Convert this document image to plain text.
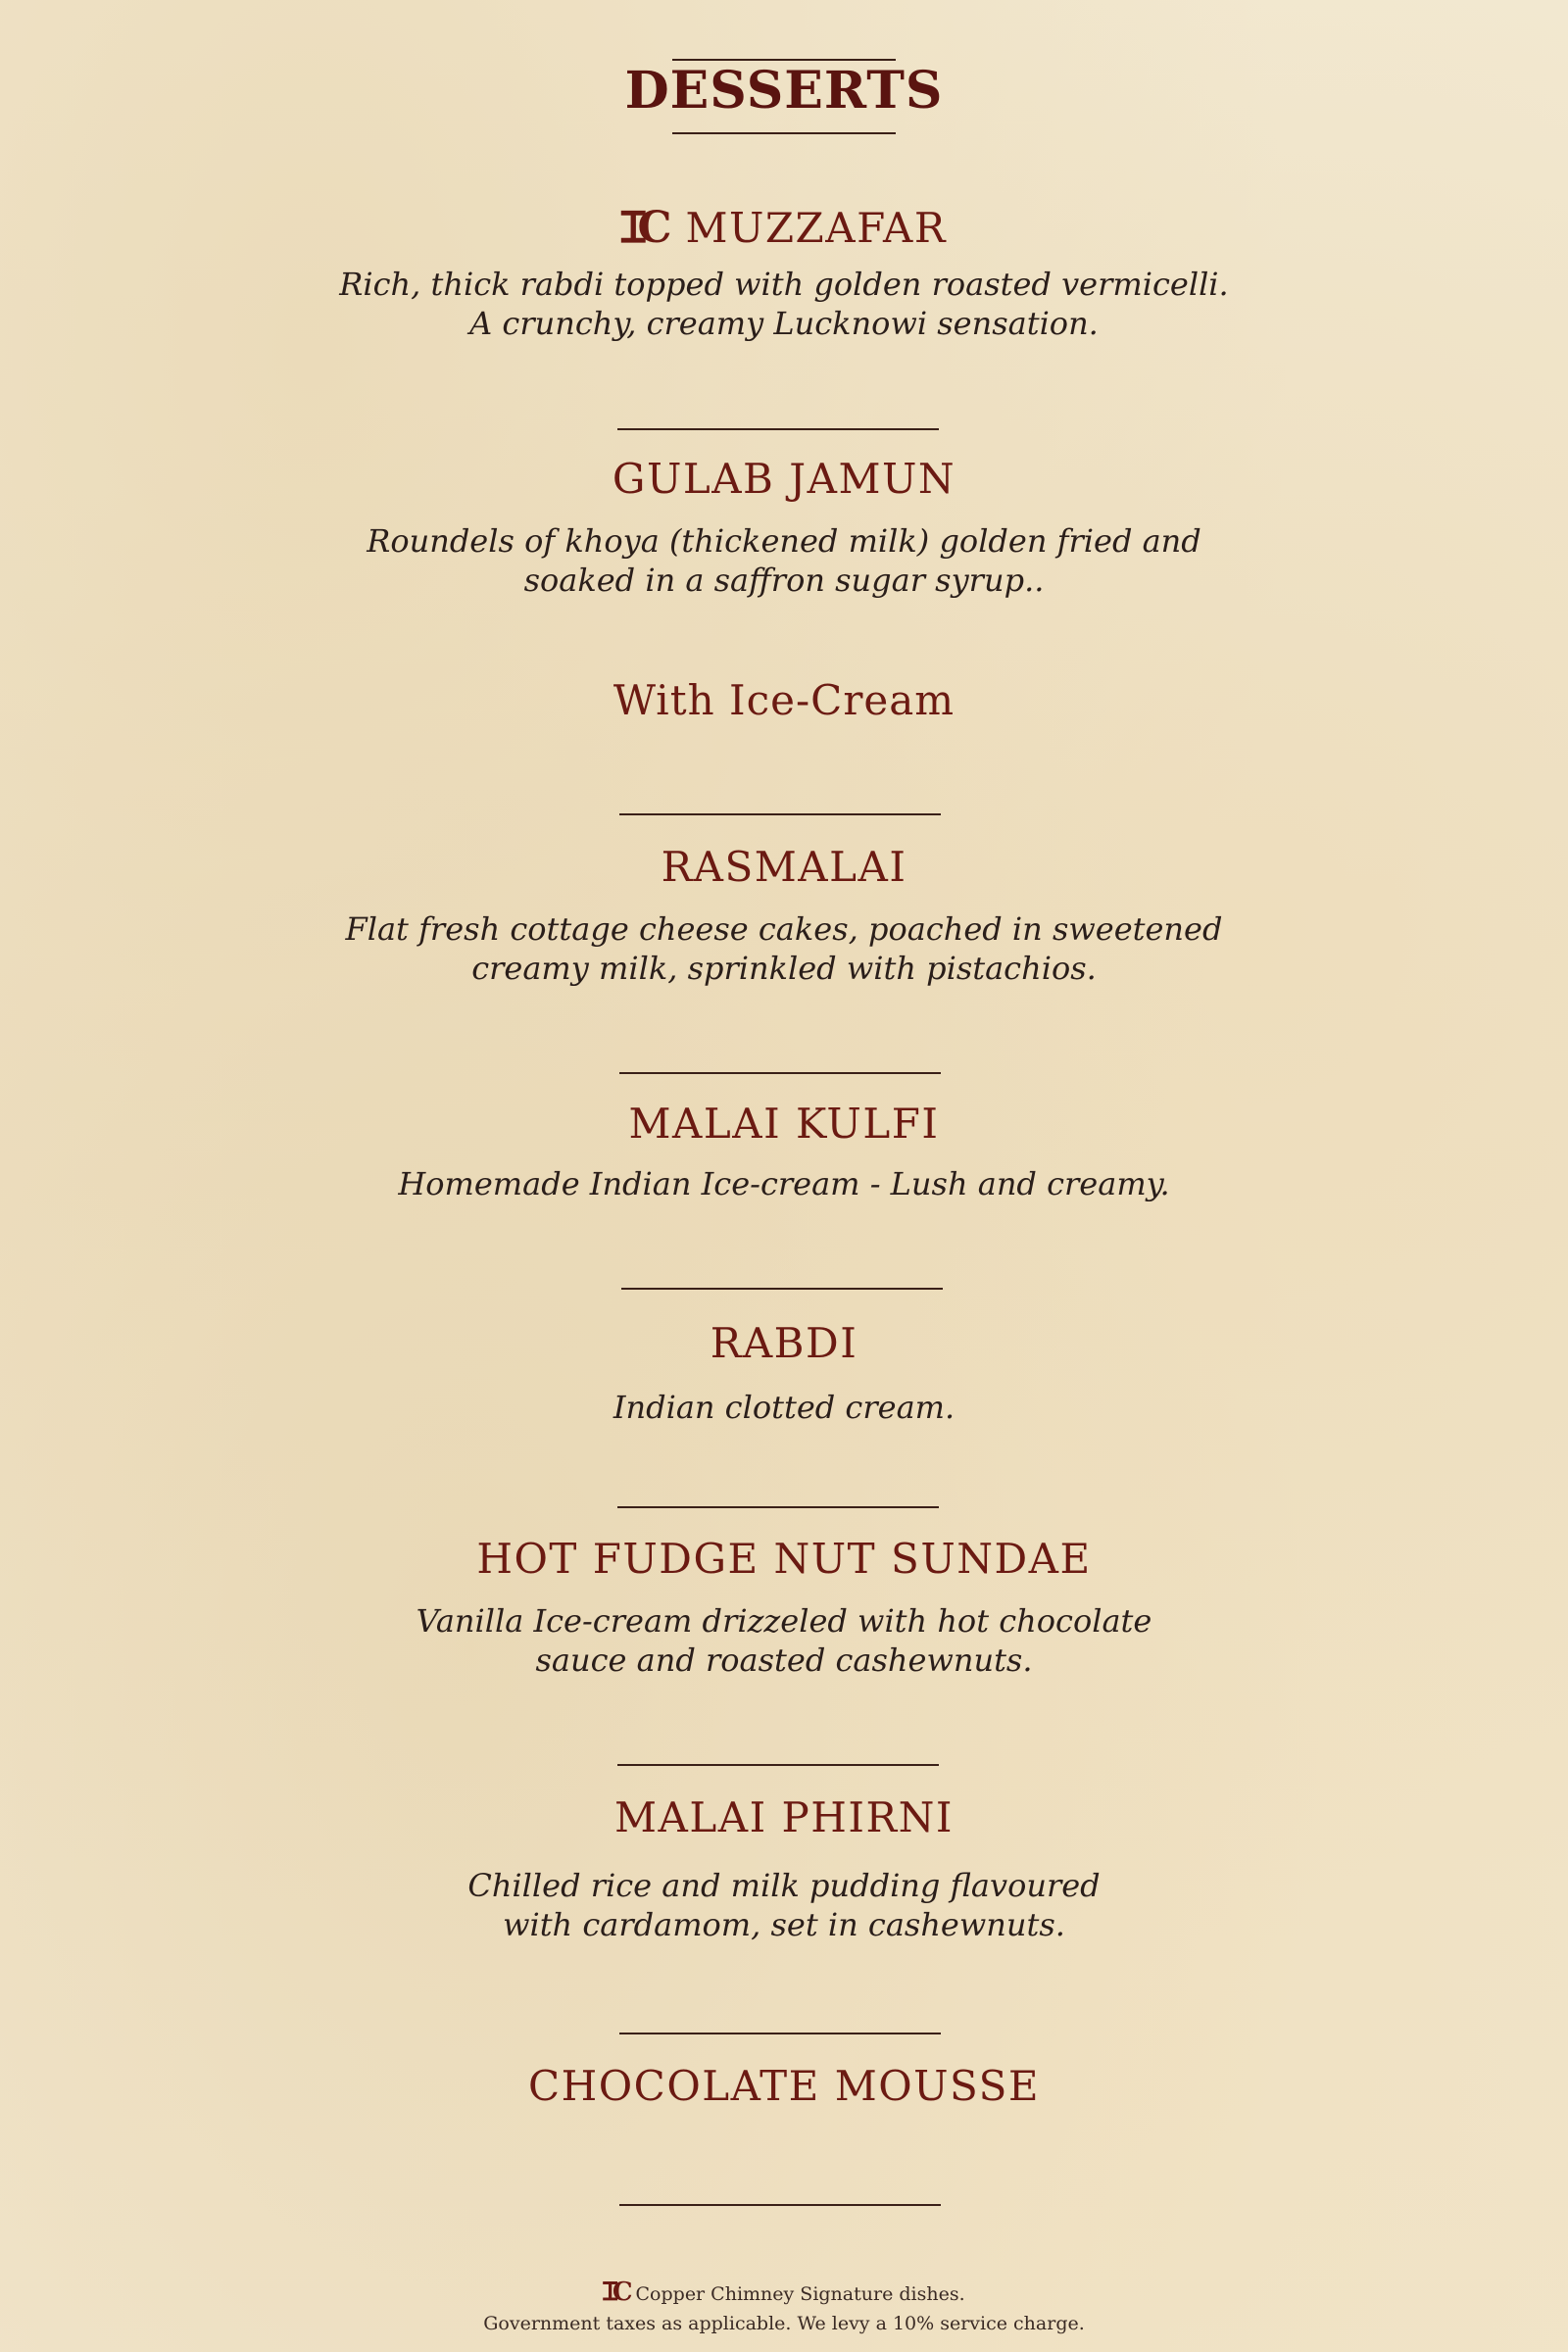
DESSERTS
ꞮC MUZZAFAR
Rich, thick rabdi topped with golden roasted vermicelli.
A crunchy, creamy Lucknowi sensation.
GULAB JAMUN
Roundels of khoya (thickened milk) golden fried and
soaked in a saffron sugar syrup..
With Ice-Cream
RASMALAI
Flat fresh cottage cheese cakes, poached in sweetened
creamy milk, sprinkled with pistachios.
MALAI KULFI
Homemade Indian Ice-cream - Lush and creamy.
RABDI
Indian clotted cream.
HOT FUDGE NUT SUNDAE
Vanilla Ice-cream drizzeled with hot chocolate
sauce and roasted cashewnuts.
MALAI PHIRNI
Chilled rice and milk pudding flavoured
with cardamom, set in cashewnuts.
CHOCOLATE MOUSSE
ꞮC Copper Chimney Signature dishes.
Government taxes as applicable. We levy a 10% service charge.
